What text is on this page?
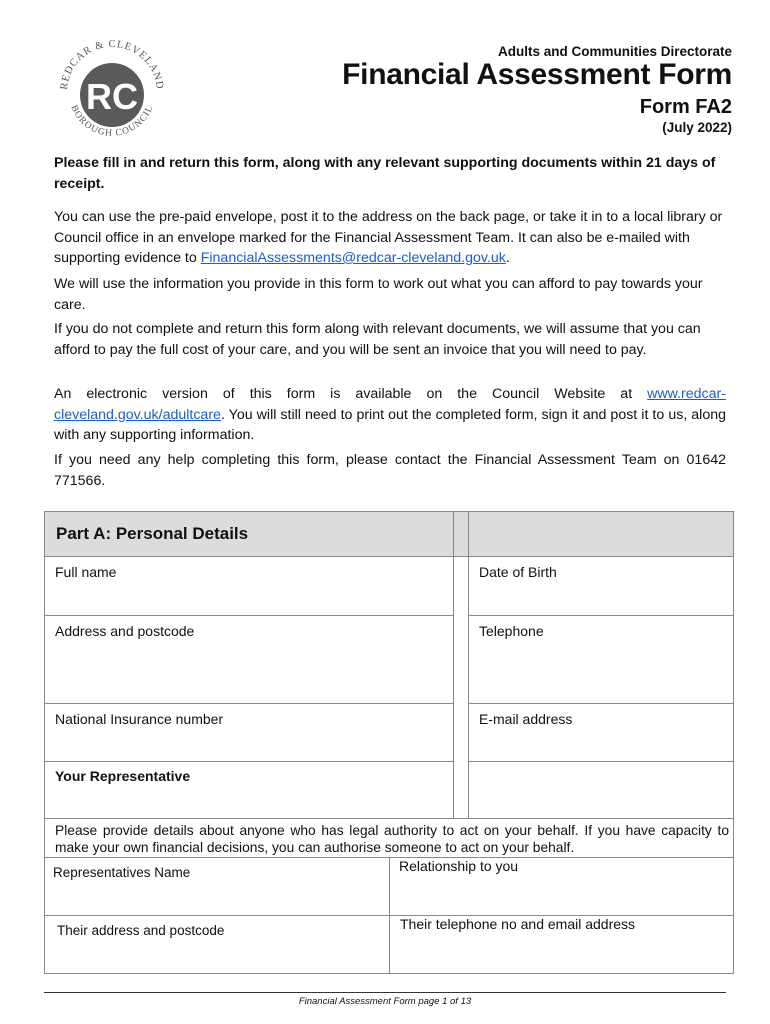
REDCAR & CLEVELAND
BOROUGH COUNCIL
RC
Adults and Communities Directorate
Financial Assessment Form
Form FA2
(July 2022)
Please fill in and return this form, along with any relevant supporting documents within 21 days of receipt.
You can use the pre-paid envelope, post it to the address on the back page, or take it in to a local library or Council office in an envelope marked for the Financial Assessment Team. It can also be e-mailed with supporting evidence to FinancialAssessments@redcar-cleveland.gov.uk.
We will use the information you provide in this form to work out what you can afford to pay towards your care.
If you do not complete and return this form along with relevant documents, we will assume that you can afford to pay the full cost of your care, and you will be sent an invoice that you will need to pay.
An electronic version of this form is available on the Council Website at www.redcar-cleveland.gov.uk/adultcare. You will still need to print out the completed form, sign it and post it to us, along with any supporting information.
If you need any help completing this form, please contact the Financial Assessment Team on 01642 771566.
Part A: Personal Details
Full name	Date of Birth
Address and postcode	Telephone
National Insurance number	E-mail address
Your Representative
Please provide details about anyone who has legal authority to act on your behalf. If you have capacity to make your own financial decisions, you can authorise someone to act on your behalf.
Representatives Name	Relationship to you
Their address and postcode	Their telephone no and email address
Financial Assessment Form page 1 of 13
